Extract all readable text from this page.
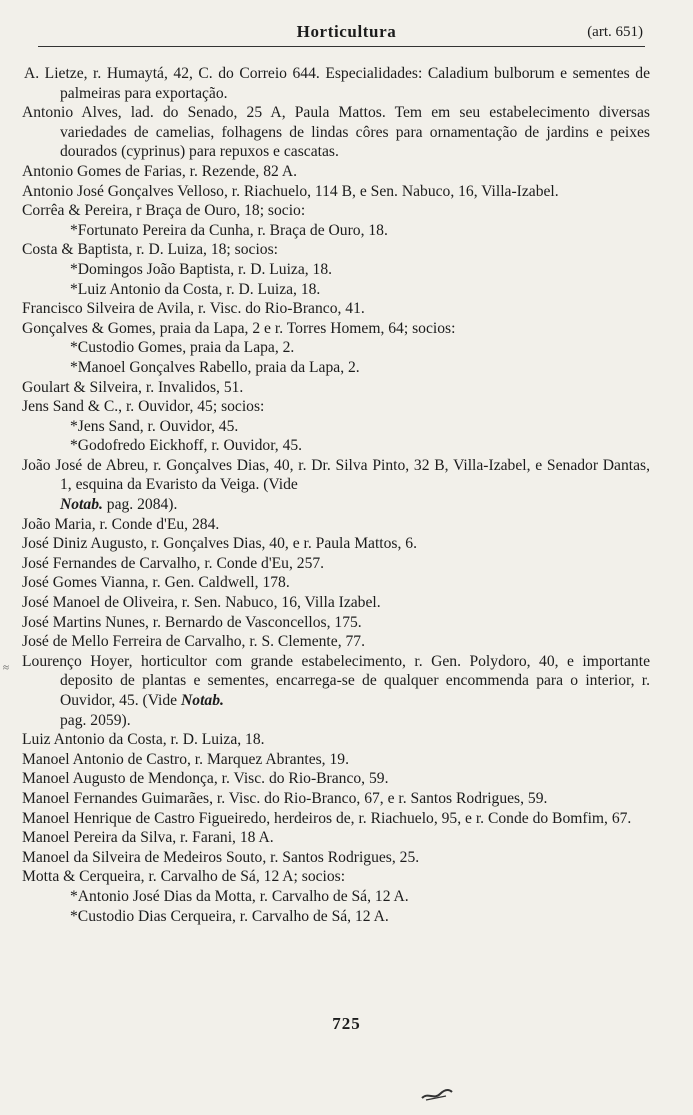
Horticultura	(art. 651)
≈
A. Lietze, r. Humaytá, 42, C. do Correio 644. Especialidades: Caladium bulborum e sementes de palmeiras para exportação.
Antonio Alves, lad. do Senado, 25 A, Paula Mattos. Tem em seu estabelecimento diversas variedades de camelias, folhagens de lindas côres para ornamentação de jardins e peixes dourados (cyprinus) para repuxos e cascatas.
Antonio Gomes de Farias, r. Rezende, 82 A.
Antonio José Gonçalves Velloso, r. Riachuelo, 114 B, e Sen. Nabuco, 16, Villa-Izabel.
Corrêa & Pereira, r Braça de Ouro, 18; socio:
*Fortunato Pereira da Cunha, r. Braça de Ouro, 18.
Costa & Baptista, r. D. Luiza, 18; socios:
*Domingos João Baptista, r. D. Luiza, 18.
*Luiz Antonio da Costa, r. D. Luiza, 18.
Francisco Silveira de Avila, r. Visc. do Rio-Branco, 41.
Gonçalves & Gomes, praia da Lapa, 2 e r. Torres Homem, 64; socios:
*Custodio Gomes, praia da Lapa, 2.
*Manoel Gonçalves Rabello, praia da Lapa, 2.
Goulart & Silveira, r. Invalidos, 51.
Jens Sand & C., r. Ouvidor, 45; socios:
*Jens Sand, r. Ouvidor, 45.
*Godofredo Eickhoff, r. Ouvidor, 45.
João José de Abreu, r. Gonçalves Dias, 40, r. Dr. Silva Pinto, 32 B, Villa-Izabel, e Senador Dantas, 1, esquina da Evaristo da Veiga. (Vide
Notab. pag. 2084).
João Maria, r. Conde d'Eu, 284.
José Diniz Augusto, r. Gonçalves Dias, 40, e r. Paula Mattos, 6.
José Fernandes de Carvalho, r. Conde d'Eu, 257.
José Gomes Vianna, r. Gen. Caldwell, 178.
José Manoel de Oliveira, r. Sen. Nabuco, 16, Villa Izabel.
José Martins Nunes, r. Bernardo de Vasconcellos, 175.
José de Mello Ferreira de Carvalho, r. S. Clemente, 77.
Lourenço Hoyer, horticultor com grande estabelecimento, r. Gen. Polydoro, 40, e importante deposito de plantas e sementes, encarrega-se de qualquer encommenda para o interior, r. Ouvidor, 45. (Vide Notab.
pag. 2059).
Luiz Antonio da Costa, r. D. Luiza, 18.
Manoel Antonio de Castro, r. Marquez Abrantes, 19.
Manoel Augusto de Mendonça, r. Visc. do Rio-Branco, 59.
Manoel Fernandes Guimarães, r. Visc. do Rio-Branco, 67, e r. Santos Rodrigues, 59.
Manoel Henrique de Castro Figueiredo, herdeiros de, r. Riachuelo, 95, e r. Conde do Bomfim, 67.
Manoel Pereira da Silva, r. Farani, 18 A.
Manoel da Silveira de Medeiros Souto, r. Santos Rodrigues, 25.
Motta & Cerqueira, r. Carvalho de Sá, 12 A; socios:
*Antonio José Dias da Motta, r. Carvalho de Sá, 12 A.
*Custodio Dias Cerqueira, r. Carvalho de Sá, 12 A.
725
